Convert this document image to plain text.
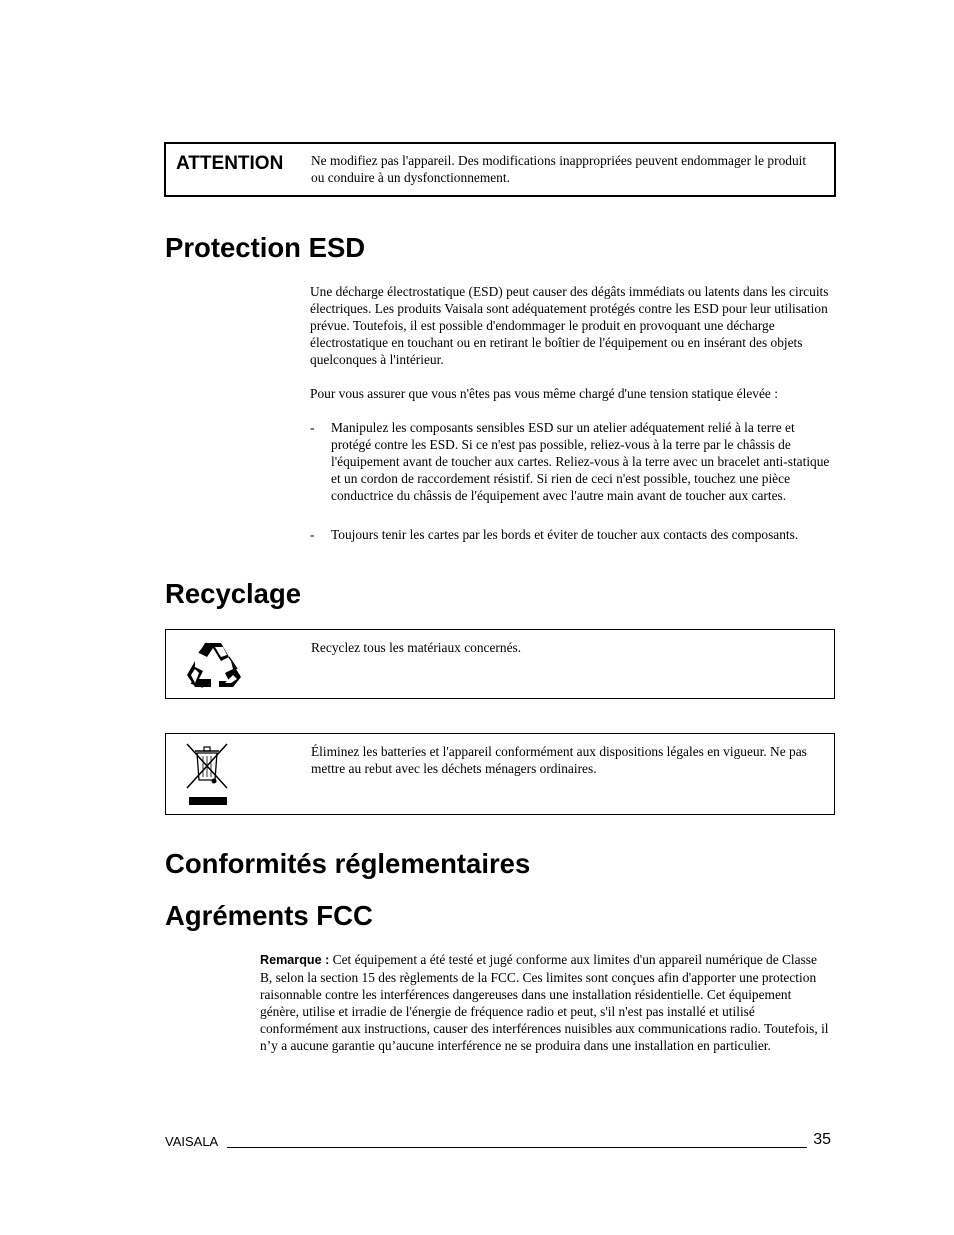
ATTENTION Ne modifiez pas l'appareil. Des modifications inappropriées peuvent endommager le produit ou conduire à un dysfonctionnement.
Protection ESD

Une décharge électrostatique (ESD) peut causer des dégâts immédiats ou latents dans les circuits électriques. Les produits Vaisala sont adéquatement protégés contre les ESD pour leur utilisation prévue. Toutefois, il est possible d'endommager le produit en provoquant une décharge électrostatique en touchant ou en retirant le boîtier de l'équipement ou en insérant des objets quelconques à l'intérieur.

Pour vous assurer que vous n'êtes pas vous même chargé d'une tension statique élevée :

- Manipulez les composants sensibles ESD sur un atelier adéquatement relié à la terre et protégé contre les ESD. Si ce n'est pas possible, reliez-vous à la terre par le châssis de l'équipement avant de toucher aux cartes. Reliez-vous à la terre avec un bracelet anti-statique et un cordon de raccordement résistif. Si rien de ceci n'est possible, touchez une pièce conductrice du châssis de l'équipement avec l'autre main avant de toucher aux cartes.
- Toujours tenir les cartes par les bords et éviter de toucher aux contacts des composants.
Recyclage
Recyclez tous les matériaux concernés.
Éliminez les batteries et l'appareil conformément aux dispositions légales en vigueur. Ne pas mettre au rebut avec les déchets ménagers ordinaires.
Conformités réglementaires
Agréments FCC
Remarque : Cet équipement a été testé et jugé conforme aux limites d'un appareil numérique de Classe B, selon la section 15 des règlements de la FCC. Ces limites sont conçues afin d'apporter une protection raisonnable contre les interférences dangereuses dans une installation résidentielle. Cet équipement génère, utilise et irradie de l'énergie de fréquence radio et peut, s'il n'est pas installé et utilisé conformément aux instructions, causer des interférences nuisibles aux communications radio. Toutefois, il n’y a aucune garantie qu’aucune interférence ne se produira dans une installation en particulier.
VAISALA	35
